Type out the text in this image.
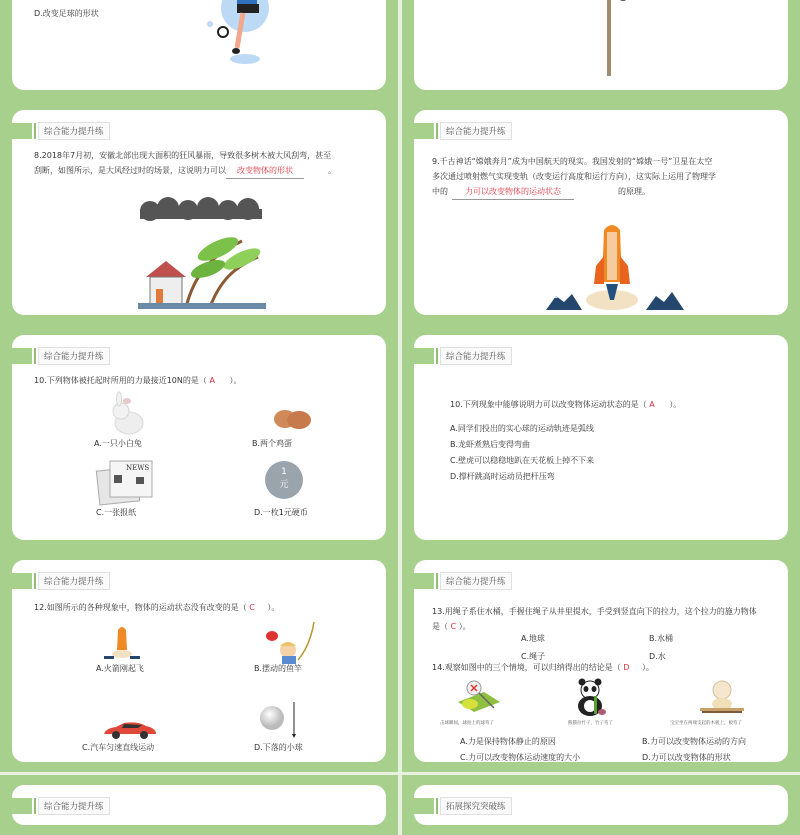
D.改变足球的形状
综合能力提升练
8.2018年7月初，安徽北部出现大面积的狂风暴雨，导致很多树木被大风刮弯，甚至
刮断，如图所示，是大风经过时的场景，这说明力可以 改变物体的形状	。
综合能力提升练
9.千古神话“嫦娥奔月”成为中国航天的现实。我国发射的“嫦娥一号”卫星在太空
多次通过喷射燃气实现变轨（改变运行高度和运行方向），这实际上运用了物理学
中的 力可以改变物体的运动状态	的原理。
综合能力提升练
10.下列物体被托起时所用的力最接近10N的是（ A ）。
A.一只小白兔	B.两个鸡蛋
NEWS
C.一张报纸
1
元
D.一枚1元硬币
综合能力提升练
10.下列现象中能够说明力可以改变物体运动状态的是（ A ）。
A.同学们投出的实心球的运动轨迹是弧线
B.龙虾煮熟后变得弯曲
C.壁虎可以稳稳地趴在天花板上掉不下来
D.撑杆跳高时运动员把杆压弯
综合能力提升练
12.如图所示的各种现象中，物体的运动状态没有改变的是（ C ）。
A.火箭刚起飞	B.摆动的鱼竿
C.汽车匀速直线运动	D.下落的小球
综合能力提升练
13.用绳子系住水桶，手握住绳子从井里提水，手受到竖直向下的拉力，这个拉力的施力物体
是（ C ）。
A.地球	B.水桶
C.绳子	D.水
14.观察如图中的三个情境，可以归纳得出的结论是（ D ）。
击球瞬间，球拍上的球弯了	熊猫拉竹子，竹子弯了	宝宝坐在两端支起的木板上，板弯了
A.力是保持物体静止的原因	B.力可以改变物体运动的方向
C.力可以改变物体运动速度的大小	D.力可以改变物体的形状
综合能力提升练	拓展探究突破练
